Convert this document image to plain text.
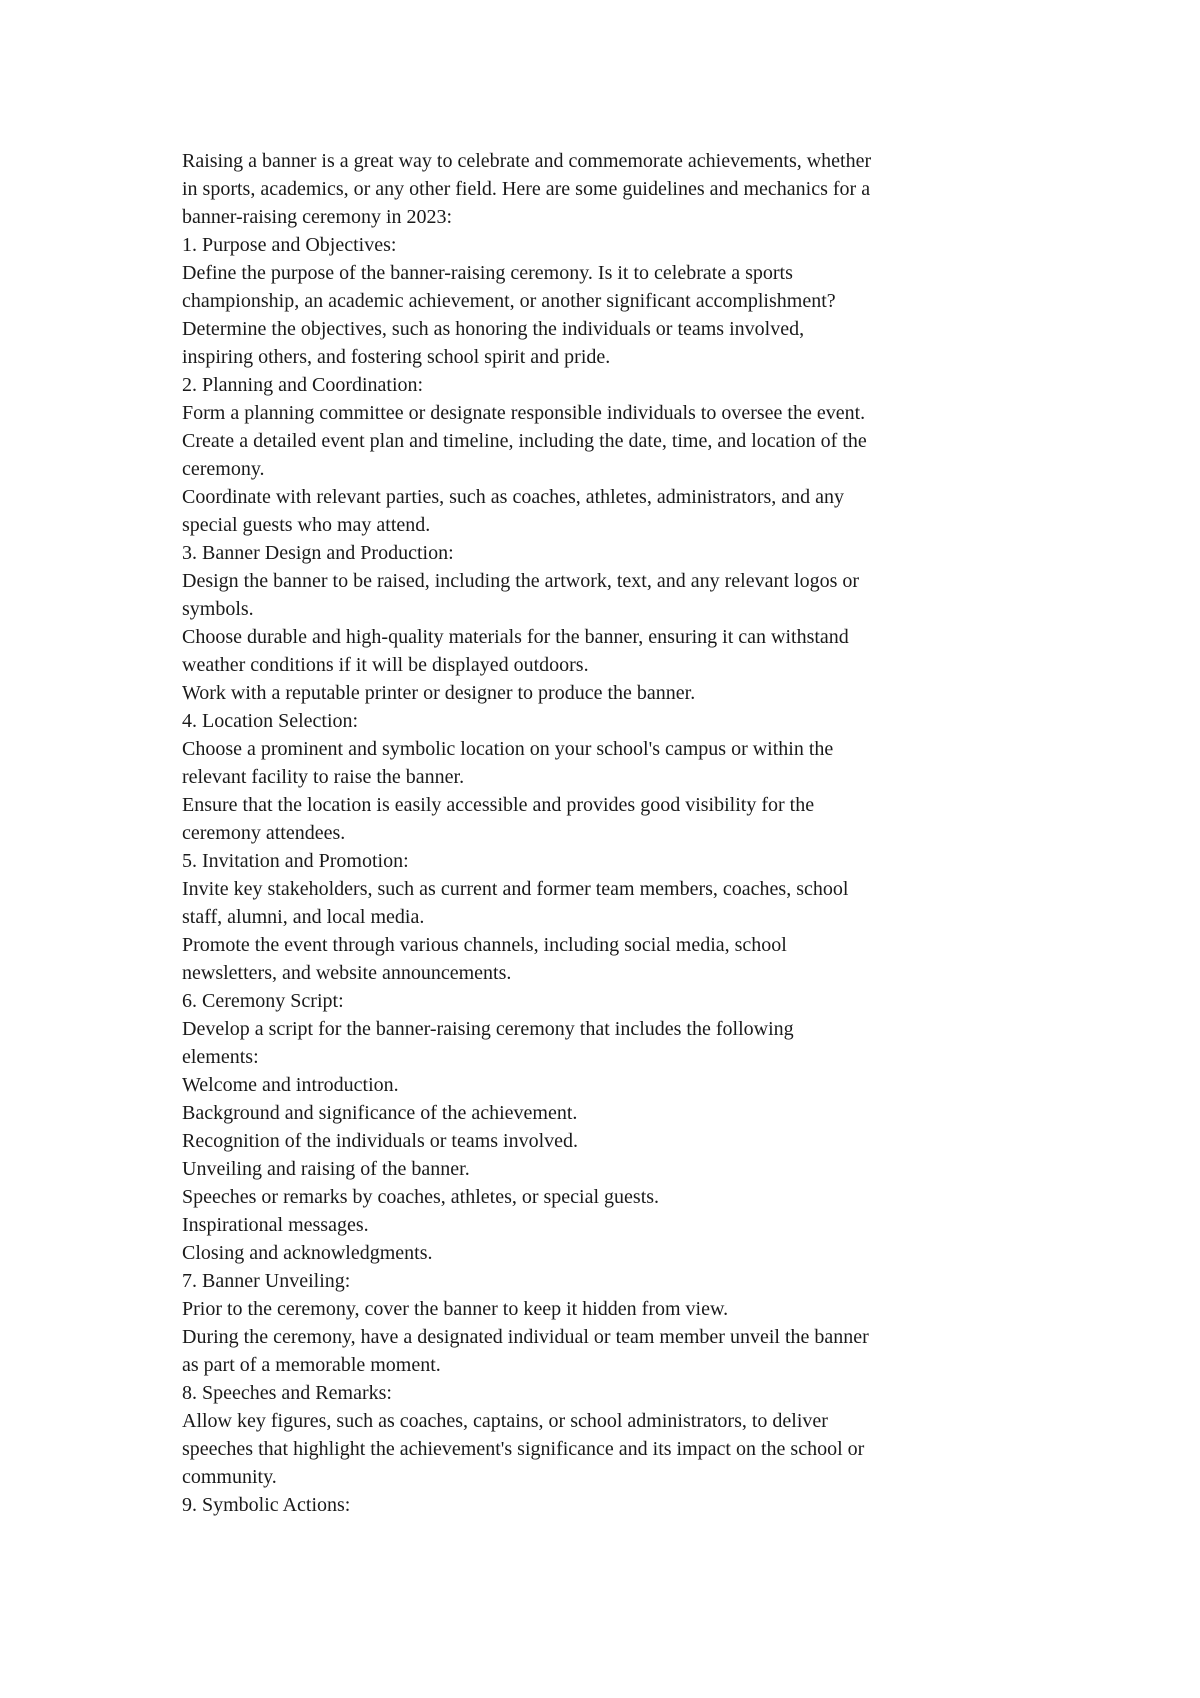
Raising a banner is a great way to celebrate and commemorate achievements, whether
in sports, academics, or any other field. Here are some guidelines and mechanics for a
banner-raising ceremony in 2023:
1. Purpose and Objectives:
Define the purpose of the banner-raising ceremony. Is it to celebrate a sports
championship, an academic achievement, or another significant accomplishment?
Determine the objectives, such as honoring the individuals or teams involved,
inspiring others, and fostering school spirit and pride.
2. Planning and Coordination:
Form a planning committee or designate responsible individuals to oversee the event.
Create a detailed event plan and timeline, including the date, time, and location of the
ceremony.
Coordinate with relevant parties, such as coaches, athletes, administrators, and any
special guests who may attend.
3. Banner Design and Production:
Design the banner to be raised, including the artwork, text, and any relevant logos or
symbols.
Choose durable and high-quality materials for the banner, ensuring it can withstand
weather conditions if it will be displayed outdoors.
Work with a reputable printer or designer to produce the banner.
4. Location Selection:
Choose a prominent and symbolic location on your school's campus or within the
relevant facility to raise the banner.
Ensure that the location is easily accessible and provides good visibility for the
ceremony attendees.
5. Invitation and Promotion:
Invite key stakeholders, such as current and former team members, coaches, school
staff, alumni, and local media.
Promote the event through various channels, including social media, school
newsletters, and website announcements.
6. Ceremony Script:
Develop a script for the banner-raising ceremony that includes the following
elements:
Welcome and introduction.
Background and significance of the achievement.
Recognition of the individuals or teams involved.
Unveiling and raising of the banner.
Speeches or remarks by coaches, athletes, or special guests.
Inspirational messages.
Closing and acknowledgments.
7. Banner Unveiling:
Prior to the ceremony, cover the banner to keep it hidden from view.
During the ceremony, have a designated individual or team member unveil the banner
as part of a memorable moment.
8. Speeches and Remarks:
Allow key figures, such as coaches, captains, or school administrators, to deliver
speeches that highlight the achievement's significance and its impact on the school or
community.
9. Symbolic Actions:
